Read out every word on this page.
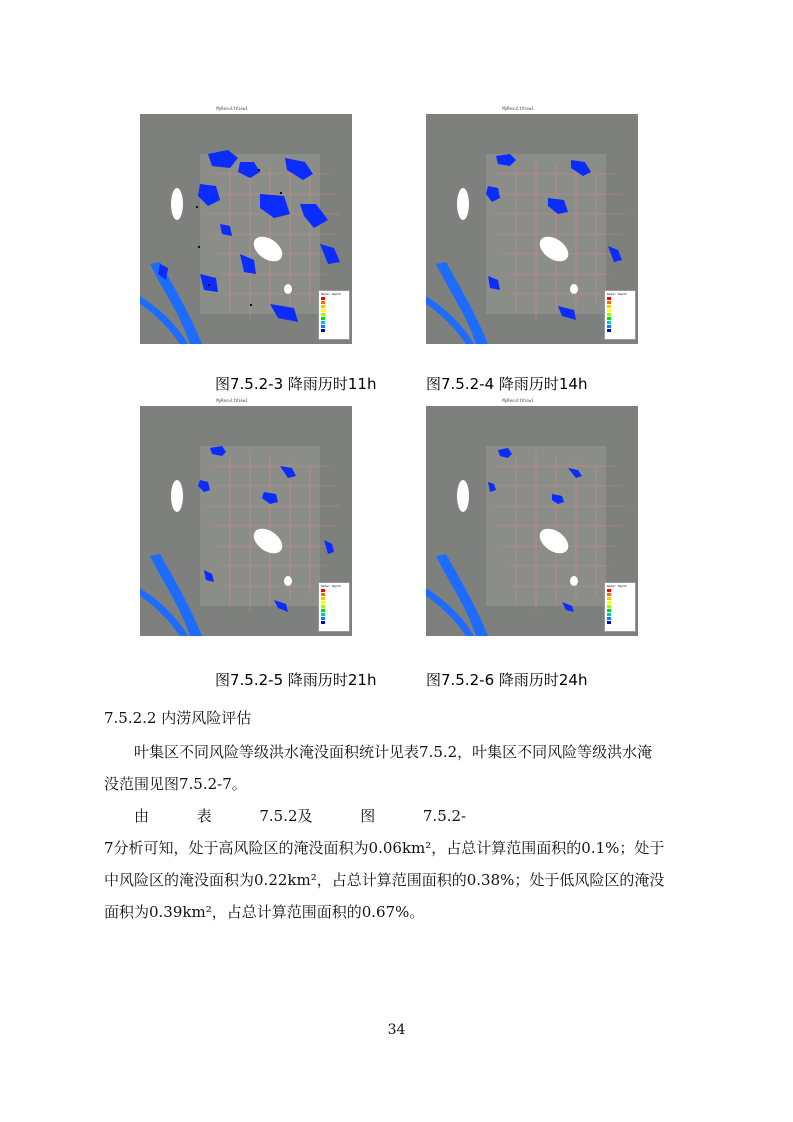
MyResultView1
Water Depth
图7.5.2-3 降雨历时11h
MyResultView1
Water Depth
图7.5.2-4 降雨历时14h
MyResultView1
Water Depth
图7.5.2-5 降雨历时21h
MyResultView1
Water Depth
图7.5.2-6 降雨历时24h
7.5.2.2 内涝风险评估
叶集区不同风险等级洪水淹没面积统计见表7.5.2，叶集区不同风险等级洪水淹
没范围见图7.5.2-7。
由          表          7.5.2及          图          7.5.2-
7分析可知，处于高风险区的淹没面积为0.06km²，占总计算范围面积的0.1%；处于
中风险区的淹没面积为0.22km²，占总计算范围面积的0.38%；处于低风险区的淹没
面积为0.39km²，占总计算范围面积的0.67%。
34
